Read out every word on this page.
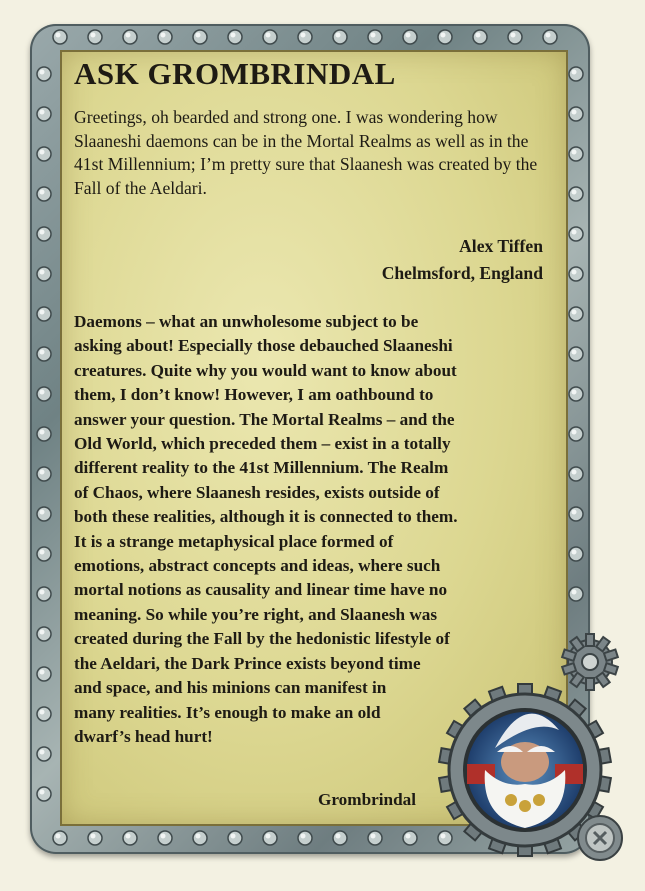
ASK GROMBRINDAL

Greetings, oh bearded and strong one. I was wondering how Slaaneshi daemons can be in the Mortal Realms as well as in the 41st Millennium; I’m pretty sure that Slaanesh was created by the Fall of the Aeldari.

Alex Tiffen
Chelmsford, England
Daemons – what an unwholesome subject to be
asking about! Especially those debauched Slaaneshi
creatures. Quite why you would want to know about
them, I don’t know! However, I am oathbound to
answer your question. The Mortal Realms – and the
Old World, which preceded them – exist in a totally
different reality to the 41st Millennium. The Realm
of Chaos, where Slaanesh resides, exists outside of
both these realities, although it is connected to them.
It is a strange metaphysical place formed of
emotions, abstract concepts and ideas, where such
mortal notions as causality and linear time have no
meaning. So while you’re right, and Slaanesh was
created during the Fall by the hedonistic lifestyle of
the Aeldari, the Dark Prince exists beyond time
and space, and his minions can manifest in
many realities. It’s enough to make an old
dwarf’s head hurt!
Grombrindal
